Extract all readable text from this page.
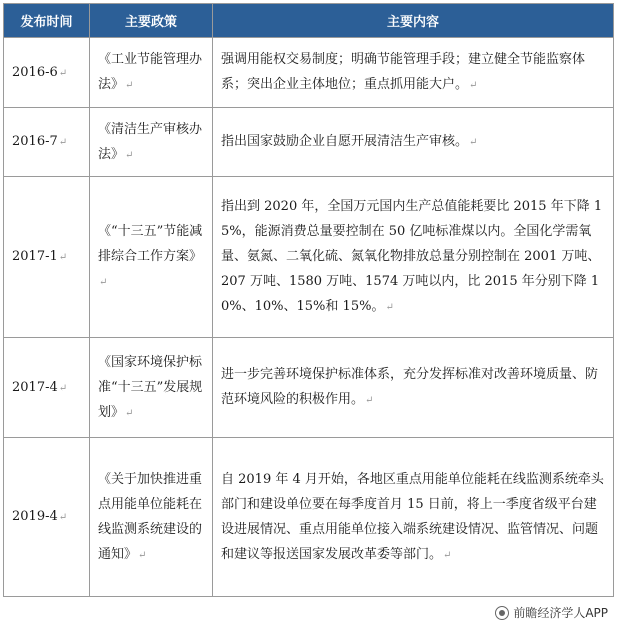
发布时间	主要政策	主要内容
2016-6↵	《工业节能管理办法》↵	强调用能权交易制度；明确节能管理手段；建立健全节能监察体系；突出企业主体地位；重点抓用能大户。↵
2016-7↵	《清洁生产审核办法》↵	指出国家鼓励企业自愿开展清洁生产审核。↵
2017-1↵	《“十三五”节能减排综合工作方案》↵	指出到 2020 年，全国万元国内生产总值能耗要比 2015 年下降 15%，能源消费总量要控制在 50 亿吨标准煤以内。全国化学需氧量、氨氮、二氧化硫、氮氧化物排放总量分别控制在 2001 万吨、207 万吨、1580 万吨、1574 万吨以内，比 2015 年分别下降 10%、10%、15%和 15%。↵
2017-4↵	《国家环境保护标准“十三五”发展规划》↵	进一步完善环境保护标准体系，充分发挥标准对改善环境质量、防范环境风险的积极作用。↵
2019-4↵	《关于加快推进重点用能单位能耗在线监测系统建设的通知》↵	自 2019 年 4 月开始，各地区重点用能单位能耗在线监测系统牵头部门和建设单位要在每季度首月 15 日前，将上一季度省级平台建设进展情况、重点用能单位接入端系统建设情况、监管情况、问题和建议等报送国家发展改革委等部门。↵
前瞻经济学人APP
